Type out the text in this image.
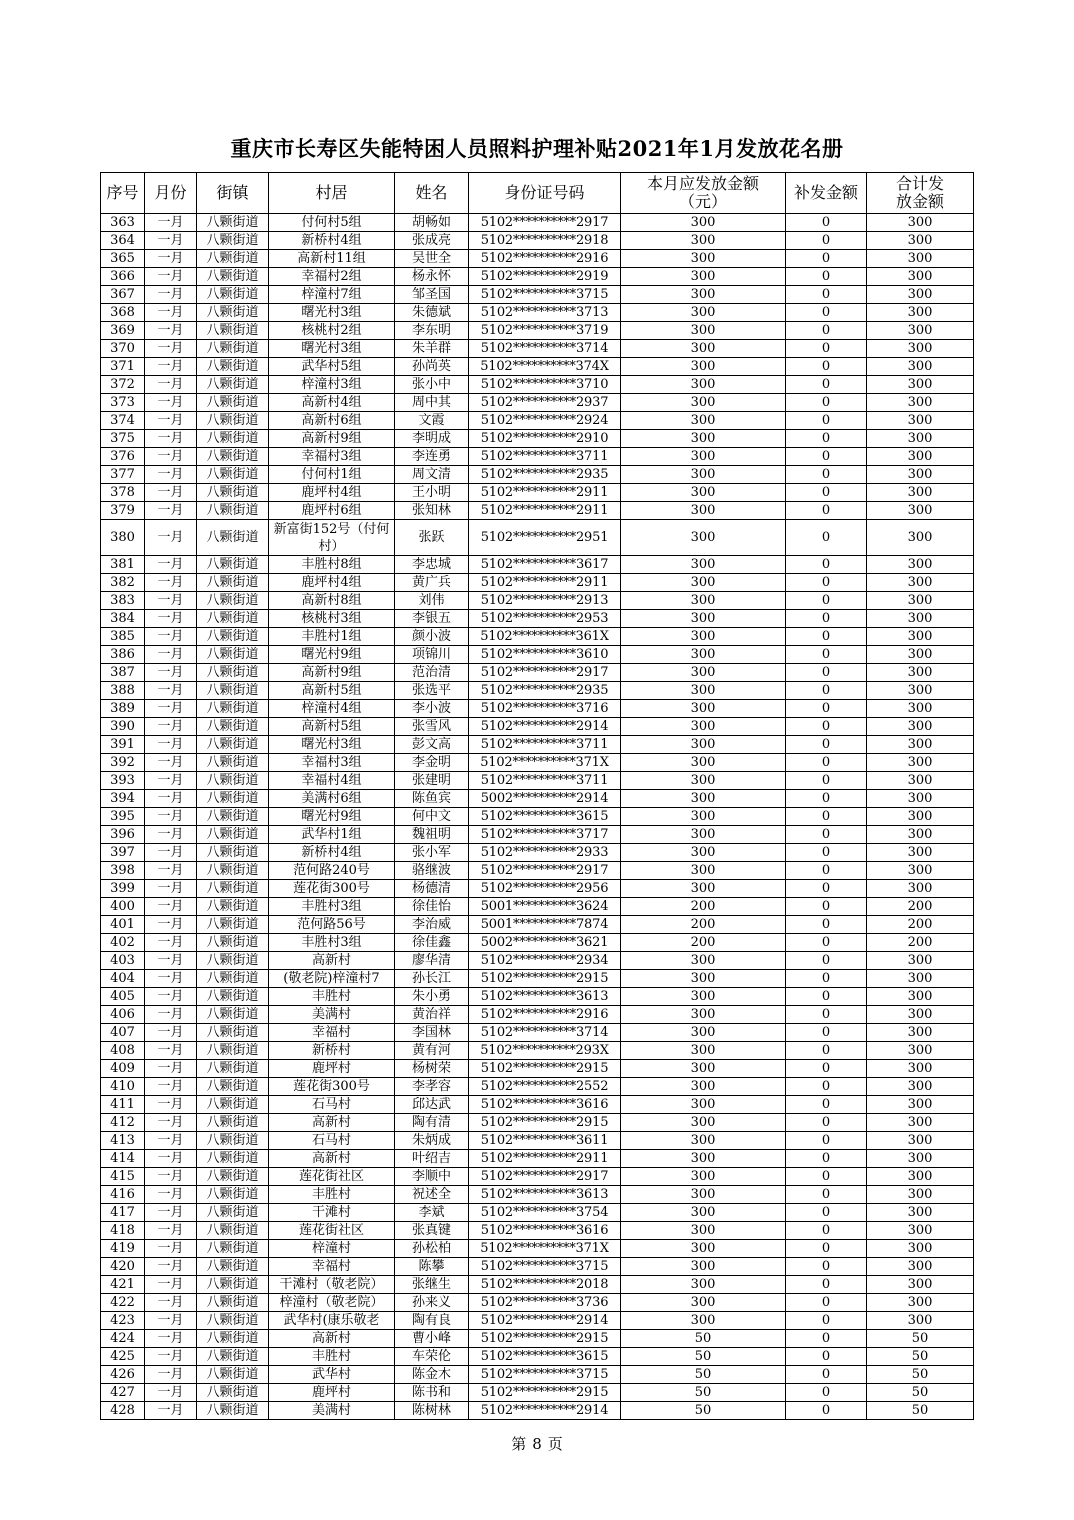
重庆市长寿区失能特困人员照料护理补贴2021年1月发放花名册
序号	月份	街镇	村居	姓名	身份证号码	本月应发放金额（元）	补发金额	合计发放金额
363	一月	八颗街道	付何村5组	胡畅如	5102**********2917	300	0	300
364	一月	八颗街道	新桥村4组	张成亮	5102**********2918	300	0	300
365	一月	八颗街道	高新村11组	吴世全	5102**********2916	300	0	300
366	一月	八颗街道	幸福村2组	杨永怀	5102**********2919	300	0	300
367	一月	八颗街道	梓潼村7组	邹圣国	5102**********3715	300	0	300
368	一月	八颗街道	曙光村3组	朱德斌	5102**********3713	300	0	300
369	一月	八颗街道	核桃村2组	李东明	5102**********3719	300	0	300
370	一月	八颗街道	曙光村3组	朱羊群	5102**********3714	300	0	300
371	一月	八颗街道	武华村5组	孙尚英	5102**********374X	300	0	300
372	一月	八颗街道	梓潼村3组	张小中	5102**********3710	300	0	300
373	一月	八颗街道	高新村4组	周中其	5102**********2937	300	0	300
374	一月	八颗街道	高新村6组	文霞	5102**********2924	300	0	300
375	一月	八颗街道	高新村9组	李明成	5102**********2910	300	0	300
376	一月	八颗街道	幸福村3组	李连勇	5102**********3711	300	0	300
377	一月	八颗街道	付何村1组	周文清	5102**********2935	300	0	300
378	一月	八颗街道	鹿坪村4组	王小明	5102**********2911	300	0	300
379	一月	八颗街道	鹿坪村6组	张知林	5102**********2911	300	0	300
380	一月	八颗街道	新富街152号（付何村）	张跃	5102**********2951	300	0	300
381	一月	八颗街道	丰胜村8组	李忠城	5102**********3617	300	0	300
382	一月	八颗街道	鹿坪村4组	黄广兵	5102**********2911	300	0	300
383	一月	八颗街道	高新村8组	刘伟	5102**********2913	300	0	300
384	一月	八颗街道	核桃村3组	李银五	5102**********2953	300	0	300
385	一月	八颗街道	丰胜村1组	颜小波	5102**********361X	300	0	300
386	一月	八颗街道	曙光村9组	项锦川	5102**********3610	300	0	300
387	一月	八颗街道	高新村9组	范治清	5102**********2917	300	0	300
388	一月	八颗街道	高新村5组	张选平	5102**********2935	300	0	300
389	一月	八颗街道	梓潼村4组	李小波	5102**********3716	300	0	300
390	一月	八颗街道	高新村5组	张雪风	5102**********2914	300	0	300
391	一月	八颗街道	曙光村3组	彭文高	5102**********3711	300	0	300
392	一月	八颗街道	幸福村3组	李金明	5102**********371X	300	0	300
393	一月	八颗街道	幸福村4组	张建明	5102**********3711	300	0	300
394	一月	八颗街道	美满村6组	陈鱼宾	5002**********2914	300	0	300
395	一月	八颗街道	曙光村9组	何中文	5102**********3615	300	0	300
396	一月	八颗街道	武华村1组	魏祖明	5102**********3717	300	0	300
397	一月	八颗街道	新桥村4组	张小军	5102**********2933	300	0	300
398	一月	八颗街道	范何路240号	骆继波	5102**********2917	300	0	300
399	一月	八颗街道	莲花街300号	杨德清	5102**********2956	300	0	300
400	一月	八颗街道	丰胜村3组	徐佳怡	5001**********3624	200	0	200
401	一月	八颗街道	范何路56号	李治威	5001**********7874	200	0	200
402	一月	八颗街道	丰胜村3组	徐佳鑫	5002**********3621	200	0	200
403	一月	八颗街道	高新村	廖华清	5102**********2934	300	0	300
404	一月	八颗街道	(敬老院)梓潼村7	孙长江	5102**********2915	300	0	300
405	一月	八颗街道	丰胜村	朱小勇	5102**********3613	300	0	300
406	一月	八颗街道	美满村	黄治祥	5102**********2916	300	0	300
407	一月	八颗街道	幸福村	李国林	5102**********3714	300	0	300
408	一月	八颗街道	新桥村	黄有河	5102**********293X	300	0	300
409	一月	八颗街道	鹿坪村	杨树荣	5102**********2915	300	0	300
410	一月	八颗街道	莲花街300号	李孝容	5102**********2552	300	0	300
411	一月	八颗街道	石马村	邱达武	5102**********3616	300	0	300
412	一月	八颗街道	高新村	陶有清	5102**********2915	300	0	300
413	一月	八颗街道	石马村	朱炳成	5102**********3611	300	0	300
414	一月	八颗街道	高新村	叶绍吉	5102**********2911	300	0	300
415	一月	八颗街道	莲花街社区	李顺中	5102**********2917	300	0	300
416	一月	八颗街道	丰胜村	祝述全	5102**********3613	300	0	300
417	一月	八颗街道	干滩村	李斌	5102**********3754	300	0	300
418	一月	八颗街道	莲花街社区	张真键	5102**********3616	300	0	300
419	一月	八颗街道	梓潼村	孙松柏	5102**********371X	300	0	300
420	一月	八颗街道	幸福村	陈攀	5102**********3715	300	0	300
421	一月	八颗街道	干滩村（敬老院）	张继生	5102**********2018	300	0	300
422	一月	八颗街道	梓潼村（敬老院）	孙来义	5102**********3736	300	0	300
423	一月	八颗街道	武华村(康乐敬老	陶有良	5102**********2914	300	0	300
424	一月	八颗街道	高新村	曹小峰	5102**********2915	50	0	50
425	一月	八颗街道	丰胜村	车荣伦	5102**********3615	50	0	50
426	一月	八颗街道	武华村	陈金木	5102**********3715	50	0	50
427	一月	八颗街道	鹿坪村	陈书和	5102**********2915	50	0	50
428	一月	八颗街道	美满村	陈树林	5102**********2914	50	0	50
第 8 页
